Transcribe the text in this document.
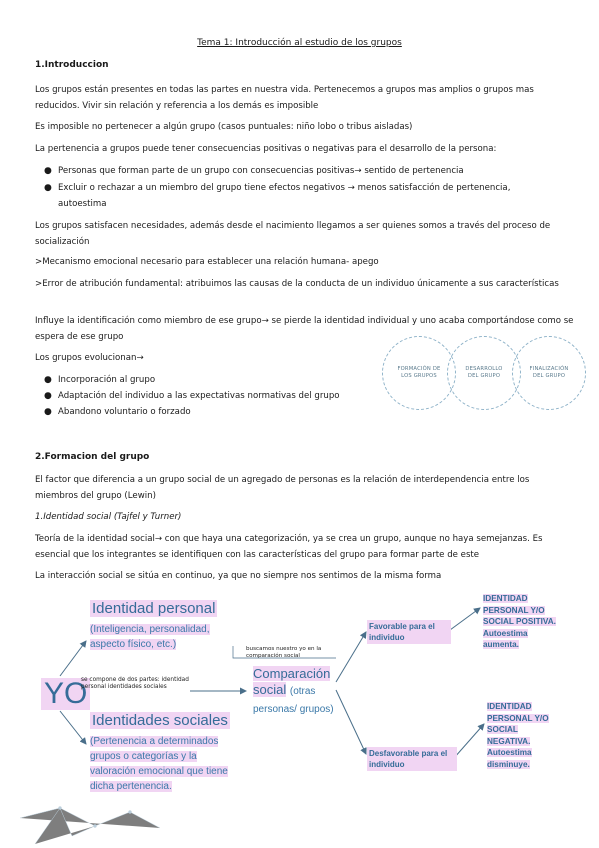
Tema 1: Introducción al estudio de los grupos
1.Introduccion
Los grupos están presentes en todas las partes en nuestra vida. Pertenecemos a grupos mas amplios o grupos mas reducidos. Vivir sin relación y referencia a los demás es imposible
Es imposible no pertenecer a algún grupo (casos puntuales: niño lobo o tribus aisladas)
La pertenencia a grupos puede tener consecuencias positivas o negativas para el desarrollo de la persona:
● Personas que forman parte de un grupo con consecuencias positivas→ sentido de pertenencia
● Excluir o rechazar a un miembro del grupo tiene efectos negativos → menos satisfacción de pertenencia, autoestima
Los grupos satisfacen necesidades, además desde el nacimiento llegamos a ser quienes somos a través del proceso de socialización
>Mecanismo emocional necesario para establecer una relación humana- apego
>Error de atribución fundamental: atribuimos las causas de la conducta de un individuo únicamente a sus características
Influye la identificación como miembro de ese grupo→ se pierde la identidad individual y uno acaba comportándose como se espera de ese grupo
Los grupos evolucionan→
● Incorporación al grupo
● Adaptación del individuo a las expectativas normativas del grupo
● Abandono voluntario o forzado
FORMACIÓN DE LOS GRUPOS
DESARROLLO DEL GRUPO
FINALIZACIÓN DEL GRUPO
2.Formacion del grupo
El factor que diferencia a un grupo social de un agregado de personas es la relación de interdependencia entre los miembros del grupo (Lewin)
1.Identidad social (Tajfel y Turner)
Teoría de la identidad social→ con que haya una categorización, ya se crea un grupo, aunque no haya semejanzas. Es esencial que los integrantes se identifiquen con las características del grupo para formar parte de este
La interacción social se sitúa en continuo, ya que no siempre nos sentimos de la misma forma
YO
se compone de dos partes: identidad personal identidades sociales
Identidad personal
(Inteligencia, personalidad, aspecto físico, etc.)
Identidades sociales
(Pertenencia a determinados grupos o categorías y la valoración emocional que tiene dicha pertenencia.
buscamos nuestro yo en la comparación social
Comparación social (otras personas/ grupos)
Favorable para el individuo
Desfavorable para el individuo
IDENTIDAD PERSONAL Y/O SOCIAL POSITIVA. Autoestima aumenta.
IDENTIDAD PERSONAL Y/O SOCIAL NEGATIVA. Autoestima disminuye.
